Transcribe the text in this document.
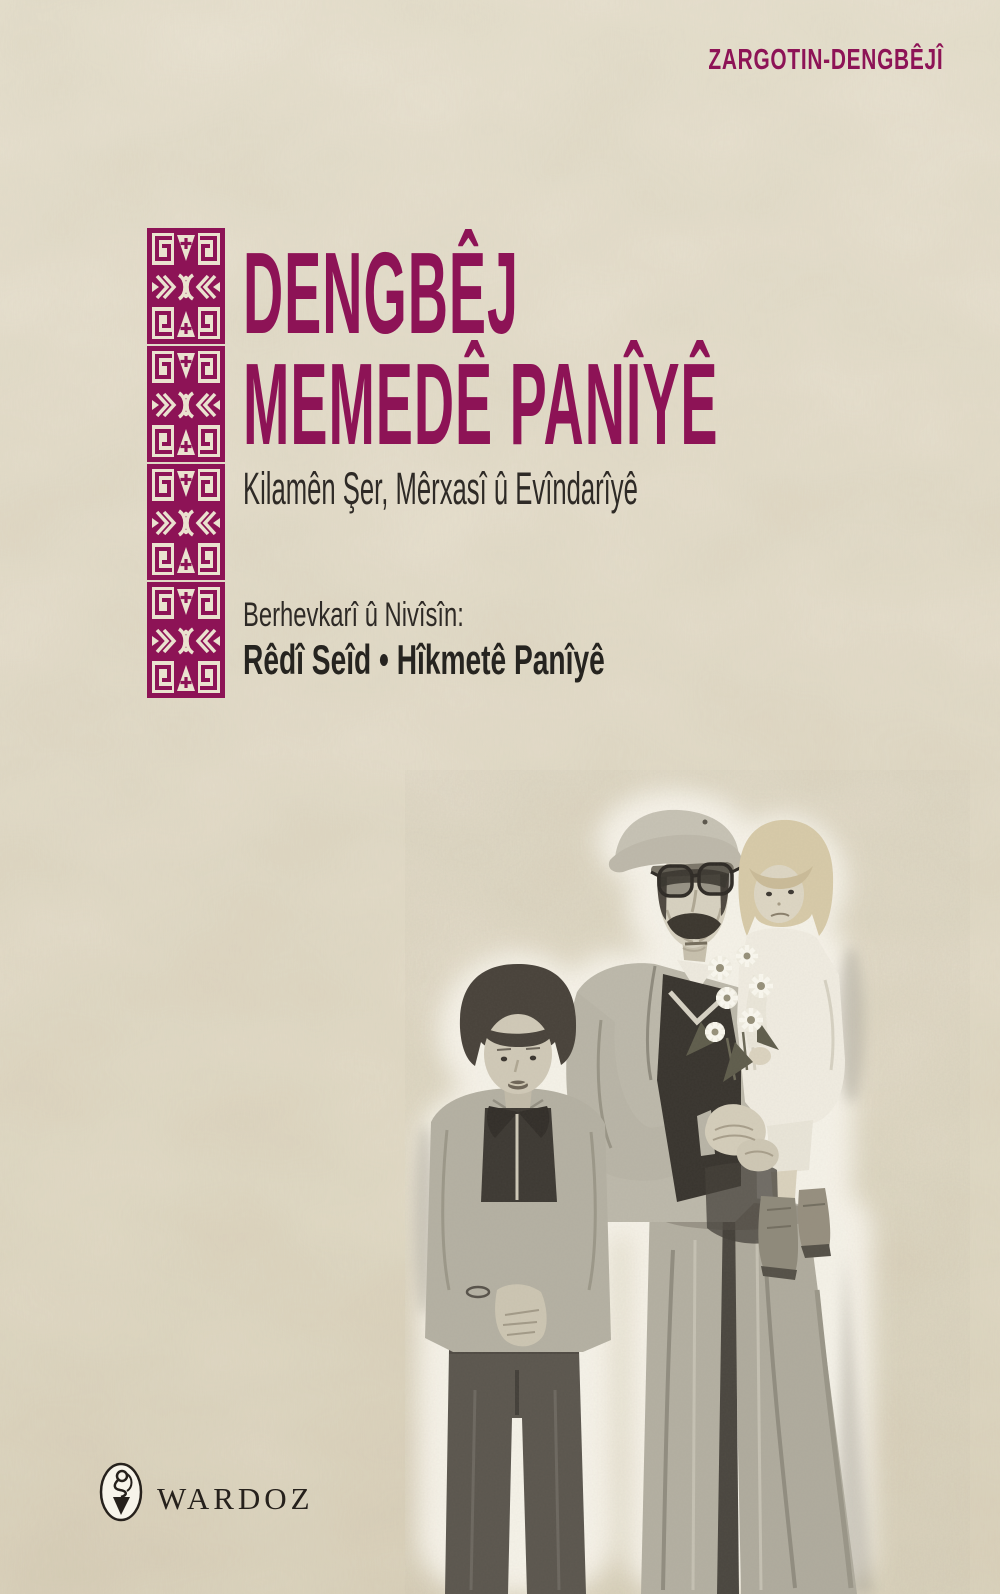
ZARGOTIN-DENGBÊJÎ
DENGBÊJ
MEMEDÊ PANÎYÊ
Kilamên Şer, Mêrxasî û Evîndarîyê
Berhevkarî û Nivîsîn:
Rêdî Seîd • Hîkmetê Panîyê
WARDOZ
